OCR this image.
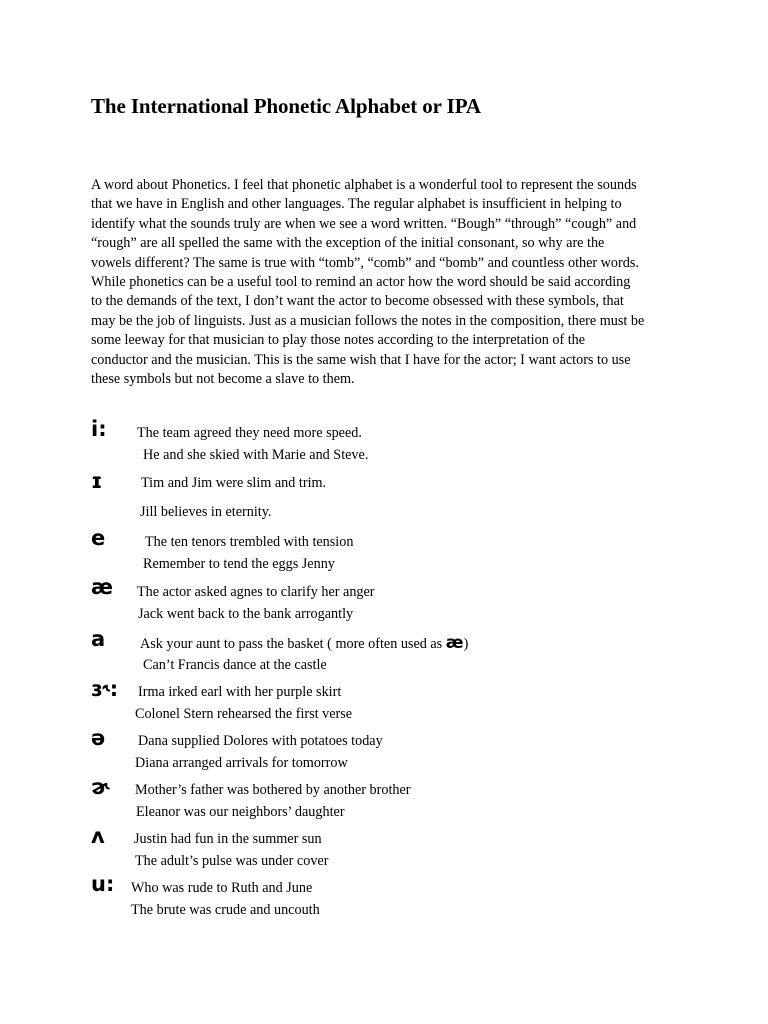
The International Phonetic Alphabet or IPA
A word about Phonetics. I feel that phonetic alphabet is a wonderful tool to represent the sounds
that we have in English and other languages. The regular alphabet is insufficient in helping to
identify what the sounds truly are when we see a word written. “Bough” “through” “cough” and
“rough” are all spelled the same with the exception of the initial consonant, so why are the
vowels different? The same is true with “tomb”, “comb” and “bomb” and countless other words.
While phonetics can be a useful tool to remind an actor how the word should be said according
to the demands of the text, I don’t want the actor to become obsessed with these symbols, that
may be the job of linguists. Just as a musician follows the notes in the composition, there must be
some leeway for that musician to play those notes according to the interpretation of the
conductor and the musician. This is the same wish that I have for the actor; I want actors to use
these symbols but not become a slave to them.
i: The team agreed they need more speed.
He and she skied with Marie and Steve.
ɪ	Tim and Jim were slim and trim.
Jill believes in eternity.
e	The ten tenors trembled with tension
Remember to tend the eggs Jenny
æ The actor asked agnes to clarify her anger
Jack went back to the bank arrogantly
a Ask your aunt to pass the basket ( more often used as æ)
Can’t Francis dance at the castle
ɜ˞: Irma irked earl with her purple skirt
Colonel Stern rehearsed the first verse
ə Dana supplied Dolores with potatoes today
Diana arranged arrivals for tomorrow
ɚ Mother’s father was bothered by another brother
Eleanor was our neighbors’ daughter
ʌ Justin had fun in the summer sun
The adult’s pulse was under cover
u: Who was rude to Ruth and June
The brute was crude and uncouth
